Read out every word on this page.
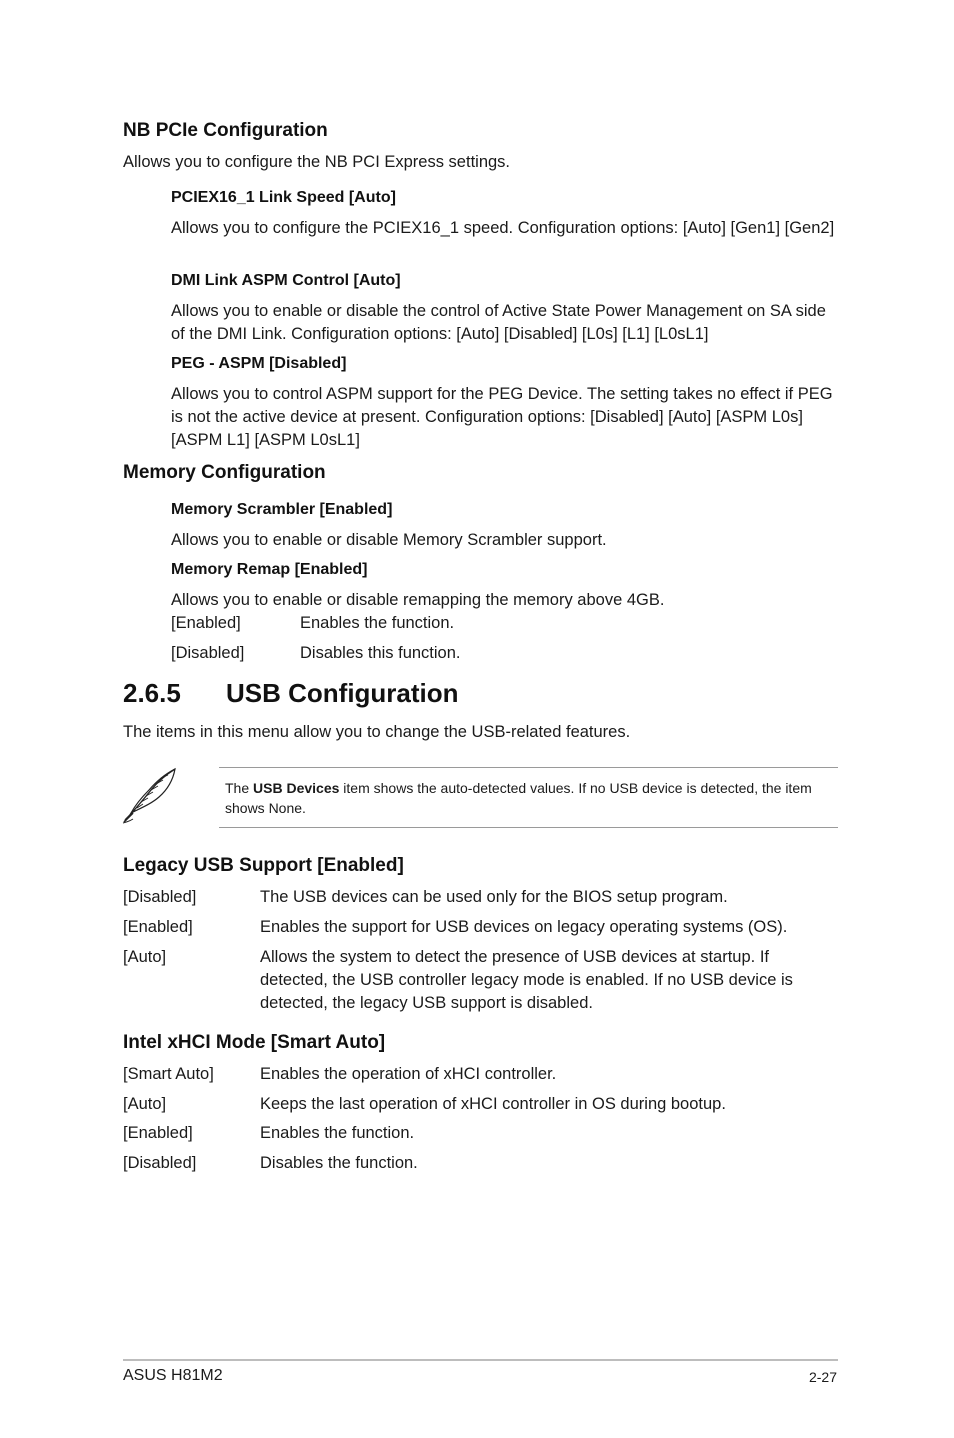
NB PCIe Configuration

Allows you to configure the NB PCI Express settings.

PCIEX16_1 Link Speed [Auto]

Allows you to configure the PCIEX16_1 speed. Configuration options: [Auto] [Gen1] [Gen2]

DMI Link ASPM Control [Auto]

Allows you to enable or disable the control of Active State Power Management on SA side of the DMI Link. Configuration options: [Auto] [Disabled] [L0s] [L1] [L0sL1]

PEG - ASPM [Disabled]

Allows you to control ASPM support for the PEG Device. The setting takes no effect if PEG is not the active device at present. Configuration options: [Disabled] [Auto] [ASPM L0s] [ASPM L1] [ASPM L0sL1]

Memory Configuration
Memory Scrambler [Enabled]

Allows you to enable or disable Memory Scrambler support.

Memory Remap [Enabled]

Allows you to enable or disable remapping the memory above 4GB.

[Enabled]	Enables the function.
[Disabled]	Disables this function.
2.6.5 USB Configuration

The items in this menu allow you to change the USB-related features.

The USB Devices item shows the auto-detected values. If no USB device is detected, the item shows None.
Legacy USB Support [Enabled]
[Disabled]	The USB devices can be used only for the BIOS setup program.
[Enabled]	Enables the support for USB devices on legacy operating systems (OS).
[Auto]	Allows the system to detect the presence of USB devices at startup. If detected, the USB controller legacy mode is enabled. If no USB device is detected, the legacy USB support is disabled.
Intel xHCI Mode [Smart Auto]
[Smart Auto]	Enables the operation of xHCI controller.
[Auto]	Keeps the last operation of xHCI controller in OS during bootup.
[Enabled]	Enables the function.
[Disabled]	Disables the function.
ASUS H81M2	2-27
